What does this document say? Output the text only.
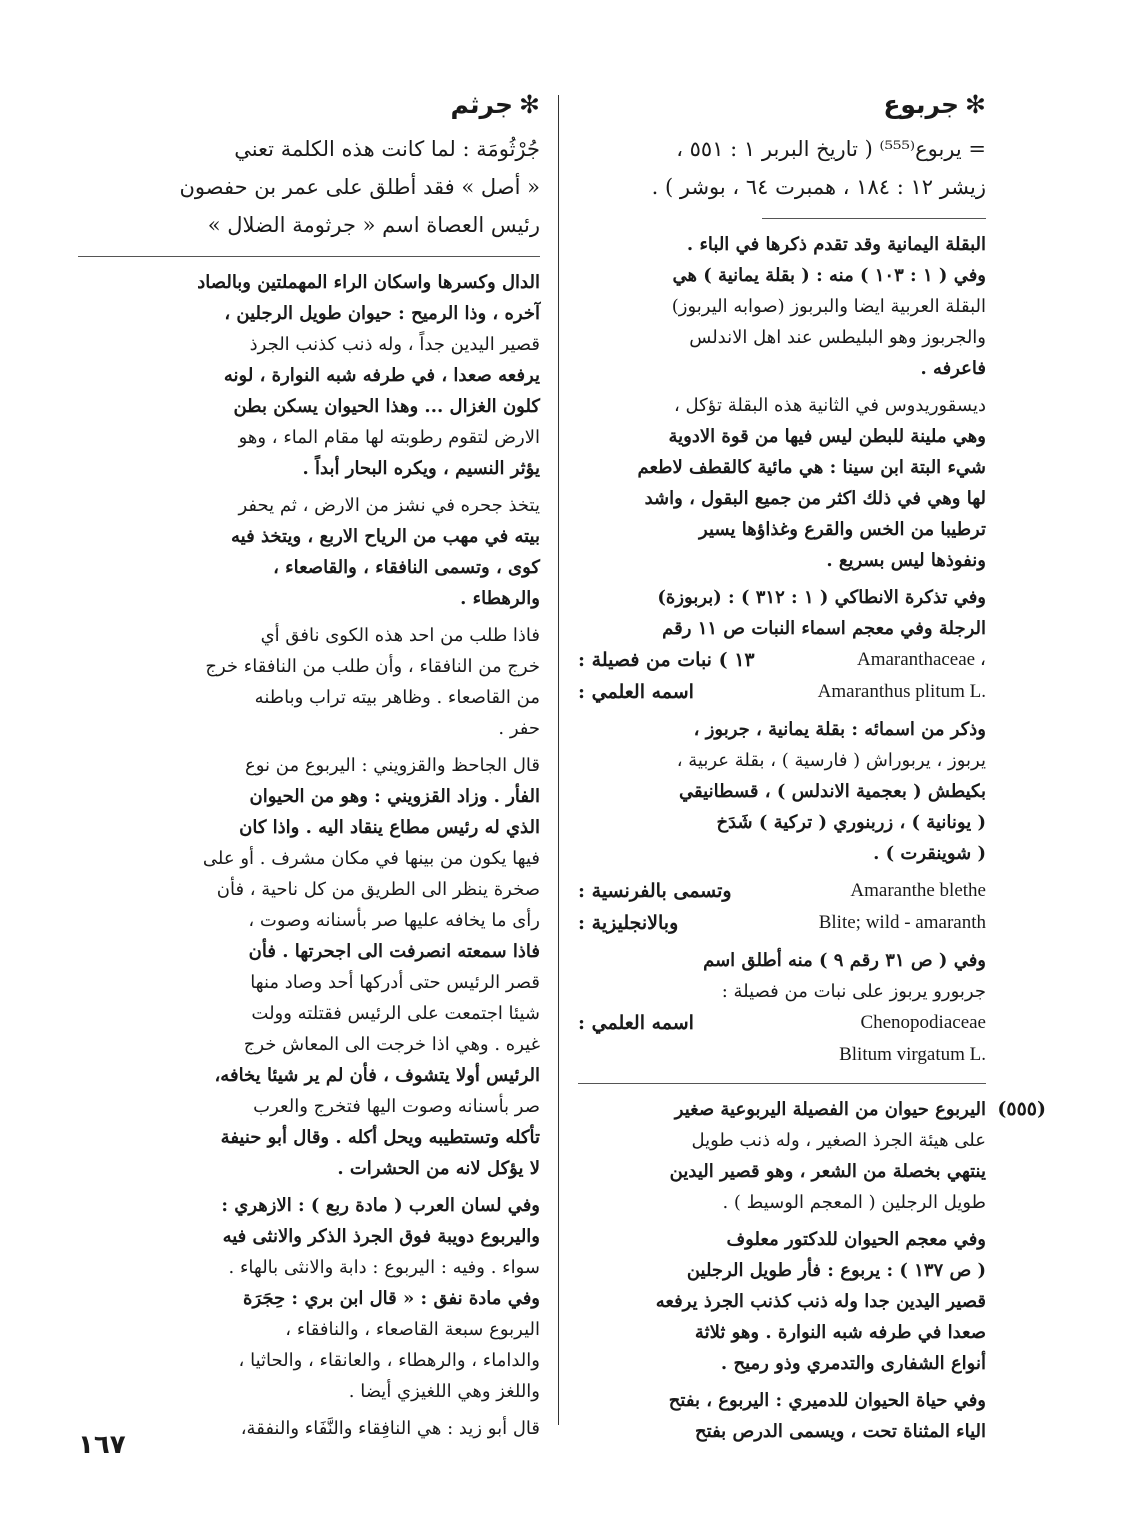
✻جربوع
= يربوع⁽⁵⁵⁵⁾ ( تاريخ البربر ١ : ٥٥١ ،
زيشر ١٢ : ١٨٤ ، همبرت ٦٤ ، بوشر ) .
البقلة اليمانية وقد تقدم ذكرها في الباء .
وفي ( ١ : ١٠٣ ) منه : ( بقلة يمانية ) هي
البقلة العربية ايضا والبربوز (صوابه اليربوز)
والجربوز وهو البليطس عند اهل الاندلس
فاعرفه .
ديسقوريدوس في الثانية هذه البقلة تؤكل ،
وهي ملينة للبطن ليس فيها من قوة الادوية
شيء البتة ابن سينا : هي مائية كالقطف لاطعم
لها وهي في ذلك اكثر من جميع البقول ، واشد
ترطيبا من الخس والقرع وغذاؤها يسير
ونفوذها ليس بسريع .
وفي تذكرة الانطاكي ( ١ : ٣١٢ ) : (بربوزة)
الرجلة وفي معجم اسماء النبات ص ١١ رقم
١٣ ) نبات من فصيلة :	Amaranthaceae ،
اسمه العلمي :	Amaranthus plitum L.
وذكر من اسمائه : بقلة يمانية ، جربوز ،
يربوز ، يربوراش ( فارسية ) ، بقلة عربية ،
بكيطش ( بعجمية الاندلس ) ، قسطانيقي
( يونانية ) ، زربنوري ( تركية ) شَدَخ
( شوينقرت ) .
وتسمى بالفرنسية :	Amaranthe blethe
وبالانجليزية :	Blite; wild - amaranth
وفي ( ص ٣١ رقم ٩ ) منه أطلق اسم
جربورو يربوز على نبات من فصيلة :
اسمه العلمي :	Chenopodiaceae
Blitum virgatum L.
(٥٥٥)
اليربوع حيوان من الفصيلة اليربوعية صغير
على هيئة الجرذ الصغير ، وله ذنب طويل
ينتهي بخصلة من الشعر ، وهو قصير اليدين
طويل الرجلين ( المعجم الوسيط ) .
وفي معجم الحيوان للدكتور معلوف
( ص ١٣٧ ) : يربوع : فأر طويل الرجلين
قصير اليدين جدا وله ذنب كذنب الجرذ يرفعه
صعدا في طرفه شبه النوارة . وهو ثلاثة
أنواع الشفارى والتدمري وذو رميح .
وفي حياة الحيوان للدميري : اليربوع ، بفتح
الياء المثناة تحت ، ويسمى الدرص بفتح
✻جرثم
جُرْثُومَة : لما كانت هذه الكلمة تعني
« أصل » فقد أطلق على عمر بن حفصون
رئيس العصاة اسم « جرثومة الضلال »
الدال وكسرها واسكان الراء المهملتين وبالصاد
آخره ، وذا الرميح : حيوان طويل الرجلين ،
قصير اليدين جداً ، وله ذنب كذنب الجرذ
يرفعه صعدا ، في طرفه شبه النوارة ، لونه
كلون الغزال ... وهذا الحيوان يسكن بطن
الارض لتقوم رطوبته لها مقام الماء ، وهو
يؤثر النسيم ، ويكره البحار أبداً .
يتخذ جحره في نشز من الارض ، ثم يحفر
بيته في مهب من الرياح الاربع ، ويتخذ فيه
كوى ، وتسمى النافقاء ، والقاصعاء ،
والرهطاء .
فاذا طلب من احد هذه الكوى نافق أي
خرج من النافقاء ، وأن طلب من النافقاء خرج
من القاصعاء . وظاهر بيته تراب وباطنه
حفر .
قال الجاحظ والقزويني : اليربوع من نوع
الفأر . وزاد القزويني : وهو من الحيوان
الذي له رئيس مطاع ينقاد اليه . واذا كان
فيها يكون من بينها في مكان مشرف . أو على
صخرة ينظر الى الطريق من كل ناحية ، فأن
رأى ما يخافه عليها صر بأسنانه وصوت ،
فاذا سمعته انصرفت الى اجحرتها . فأن
قصر الرئيس حتى أدركها أحد وصاد منها
شيئا اجتمعت على الرئيس فقتلته وولت
غيره . وهي اذا خرجت الى المعاش خرج
الرئيس أولا يتشوف ، فأن لم ير شيئا يخافه،
صر بأسنانه وصوت اليها فتخرج والعرب
تأكله وتستطيبه ويحل أكله . وقال أبو حنيفة
لا يؤكل لانه من الحشرات .
وفي لسان العرب ( مادة ربع ) : الازهري :
واليربوع دويبة فوق الجرذ الذكر والانثى فيه
سواء . وفيه : اليربوع : دابة والانثى بالهاء .
وفي مادة نفق : « قال ابن بري : حِجَرَة
اليربوع سبعة القاصعاء ، والنافقاء ،
والداماء ، والرهطاء ، والعانقاء ، والحاثيا ،
واللغز وهي اللغيزي أيضا .
قال أبو زيد : هي النافِقاء والنَّفَاء والنفقة،
١٦٧
